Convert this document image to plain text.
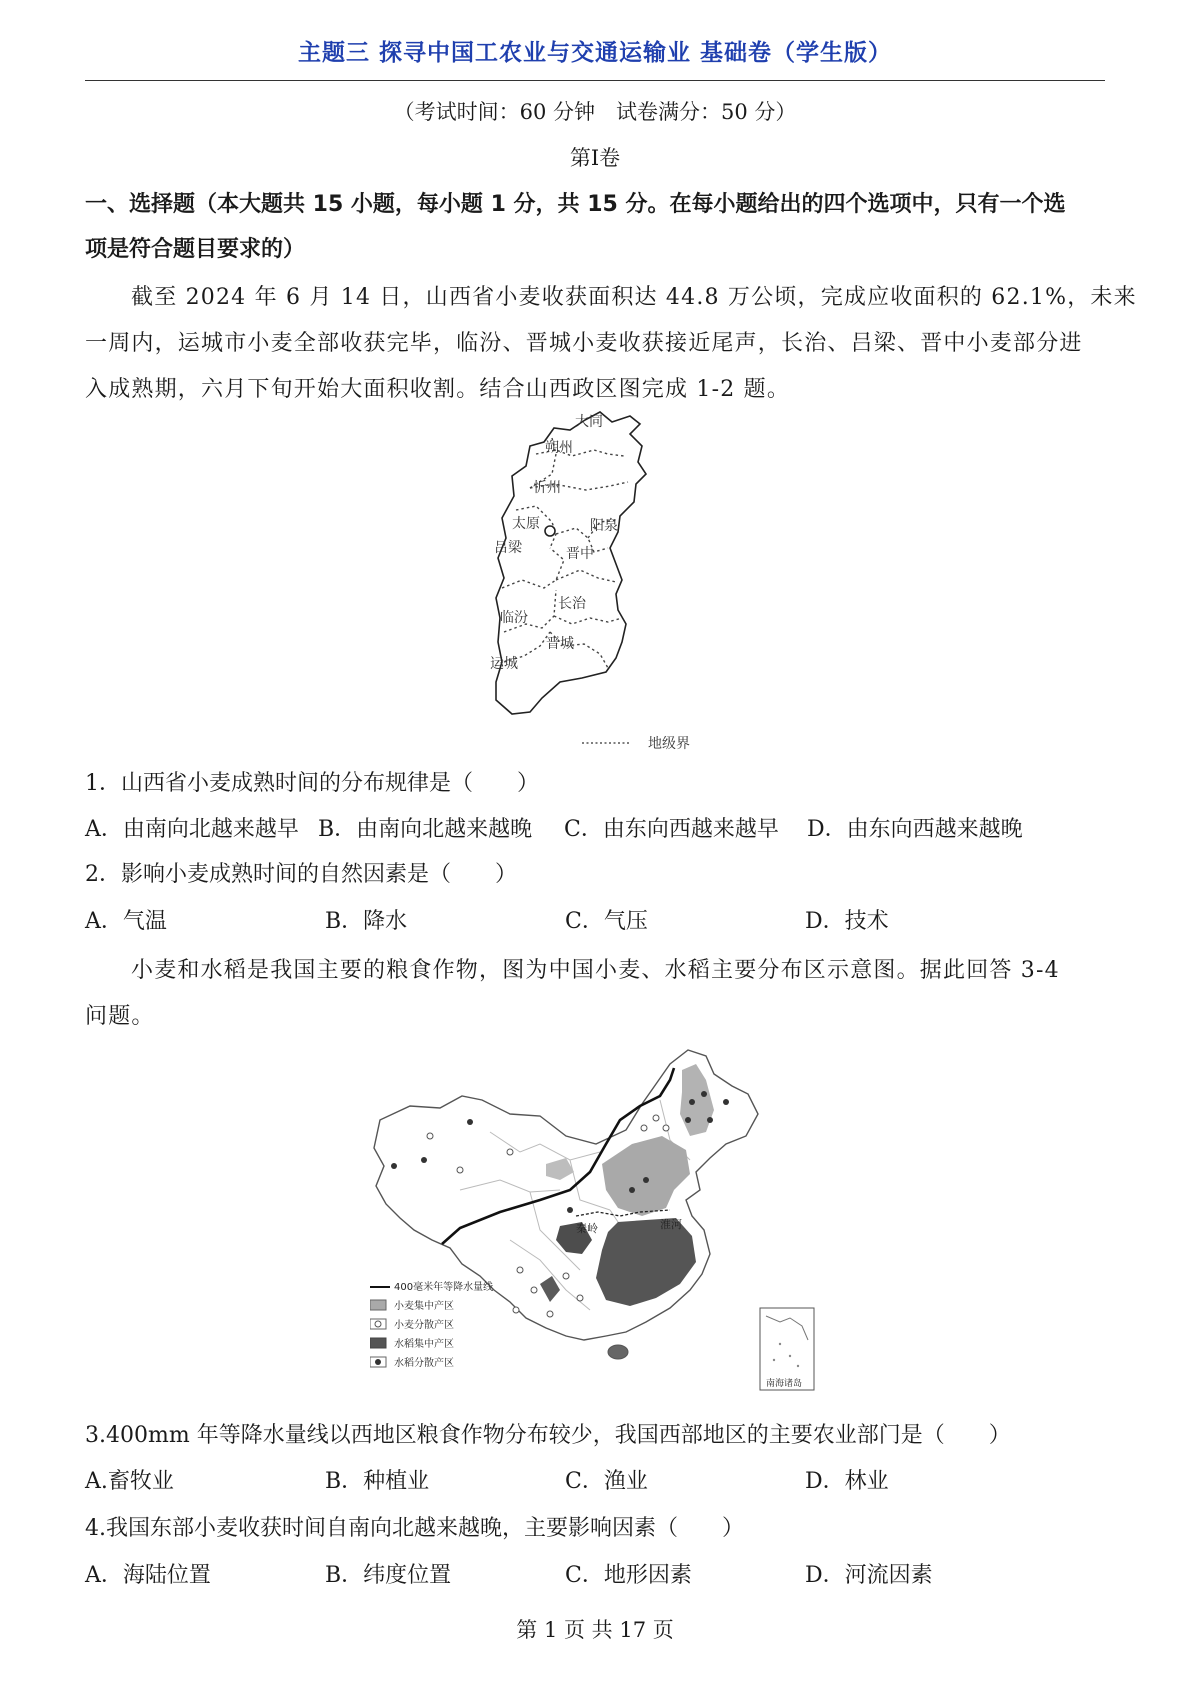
主题三 探寻中国工农业与交通运输业 基础卷（学生版）
（考试时间：60 分钟　试卷满分：50 分）
第Ⅰ卷
一、选择题（本大题共 15 小题，每小题 1 分，共 15 分。在每小题给出的四个选项中，只有一个选
项是符合题目要求的）
截至 2024 年 6 月 14 日，山西省小麦收获面积达 44.8 万公顷，完成应收面积的 62.1%，未来
一周内，运城市小麦全部收获完毕，临汾、晋城小麦收获接近尾声，长治、吕梁、晋中小麦部分进
入成熟期，六月下旬开始大面积收割。结合山西政区图完成 1-2 题。
大同
朔州
忻州
太原	阳泉
吕梁	晋中
长治
临汾
晋城
运城
地级界
1．山西省小麦成熟时间的分布规律是（　　）
A．由南向北越来越早 B．由南向北越来越晚 C．由东向西越来越早 D．由东向西越来越晚
2．影响小麦成熟时间的自然因素是（　　）
A．气温	B．降水	C．气压	D．技术
小麦和水稻是我国主要的粮食作物，图为中国小麦、水稻主要分布区示意图。据此回答 3-4
问题。
秦岭	淮河
400毫米年等降水量线
小麦集中产区
小麦分散产区
水稻集中产区
水稻分散产区
南海诸岛
3.400mm 年等降水量线以西地区粮食作物分布较少，我国西部地区的主要农业部门是（　　）
A.畜牧业	B．种植业	C．渔业	D．林业
4.我国东部小麦收获时间自南向北越来越晚，主要影响因素（　　）
A．海陆位置	B．纬度位置	C．地形因素	D．河流因素
第 1 页 共 17 页
